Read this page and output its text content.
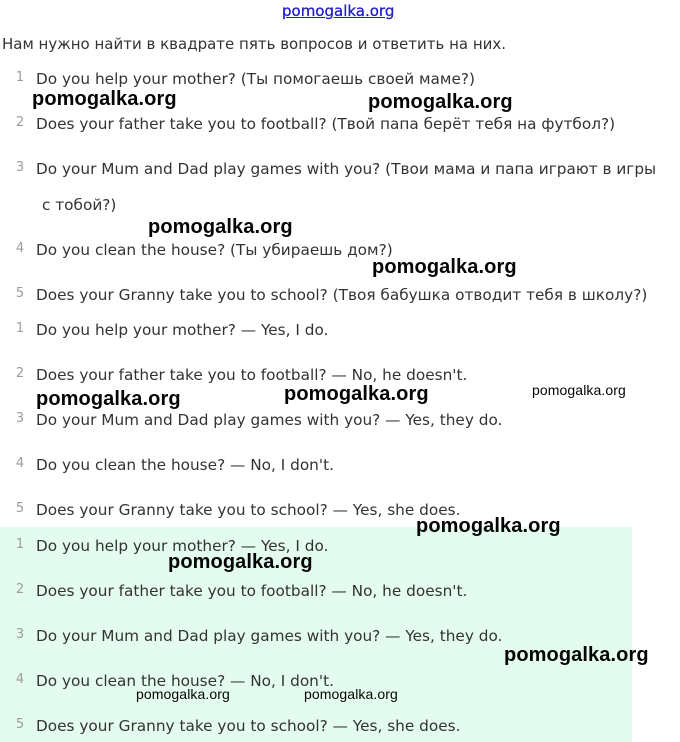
pomogalka.org
Нам нужно найти в квадрате пять вопросов и ответить на них.
1 Do you help your mother? (Ты помогаешь своей маме?)
2 Does your father take you to football? (Твой папа берёт тебя на футбол?)
3 Do your Mum and Dad play games with you? (Твои мама и папа играют в игры
с тобой?)
4 Do you clean the house? (Ты убираешь дом?)
5 Does your Granny take you to school? (Твоя бабушка отводит тебя в школу?)
1 Do you help your mother? — Yes, I do.
2 Does your father take you to football? — No, he doesn't.
3 Do your Mum and Dad play games with you? — Yes, they do.
4 Do you clean the house? — No, I don't.
5 Does your Granny take you to school? — Yes, she does.
1 Do you help your mother? — Yes, I do.
2 Does your father take you to football? — No, he doesn't.
3 Do your Mum and Dad play games with you? — Yes, they do.
4 Do you clean the house? — No, I don't.
5 Does your Granny take you to school? — Yes, she does.
pomogalka.org	pomogalka.org
pomogalka.org
pomogalka.org
pomogalka.org	pomogalka.org	pomogalka.org
pomogalka.org
pomogalka.org
pomogalka.org
pomogalka.org	pomogalka.org
